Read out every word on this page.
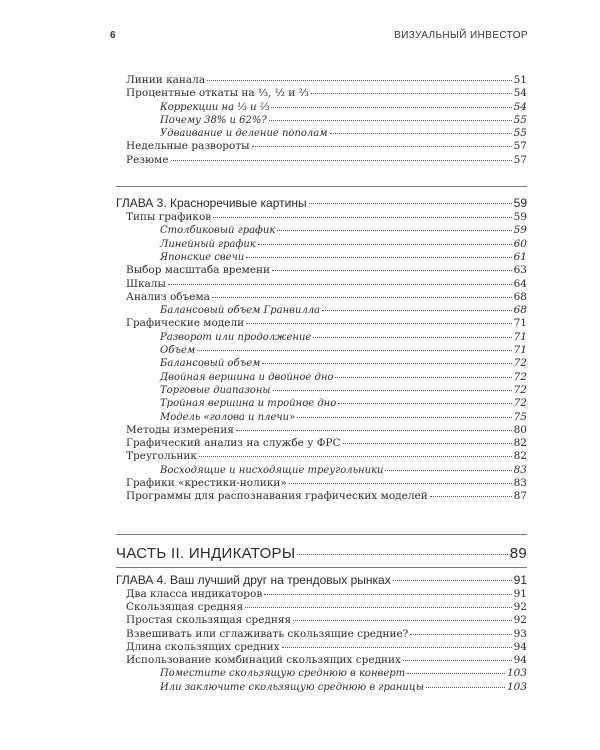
6	ВИЗУАЛЬНЫЙ ИНВЕСТОР
Линии канала	51
Процентные откаты на ⅓, ½ и ⅔	54
Коррекции на ⅓ и ⅔	54
Почему 38% и 62%?	55
Удваивание и деление пополам	55
Недельные развороты	57
Резюме	57
ГЛАВА 3. Красноречивые картины	59
Типы графиков	59
Столбиковый график	59
Линейный график	60
Японские свечи	61
Выбор масштаба времени	63
Шкалы	64
Анализ объема	68
Балансовый объем Гранвилла	68
Графические модели	71
Разворот или продолжение	71
Объем	71
Балансовый объем	72
Двойная вершина и двойное дно	72
Торговые диапазоны	72
Тройная вершина и тройное дно	72
Модель «голова и плечи»	75
Методы измерения	80
Графический анализ на службе у ФРС	82
Треугольник	82
Восходящие и нисходящие треугольники	83
Графики «крестики-нолики»	83
Программы для распознавания графических моделей	87
ЧАСТЬ II. ИНДИКАТОРЫ	89
ГЛАВА 4. Ваш лучший друг на трендовых рынках	91
Два класса индикаторов	91
Скользящая средняя	92
Простая скользящая средняя	92
Взвешивать или сглаживать скользящие средние?	93
Длина скользящих средних	94
Использование комбинаций скользящих средних	94
Поместите скользящую среднюю в конверт	103
Или заключите скользящую среднюю в границы	103
